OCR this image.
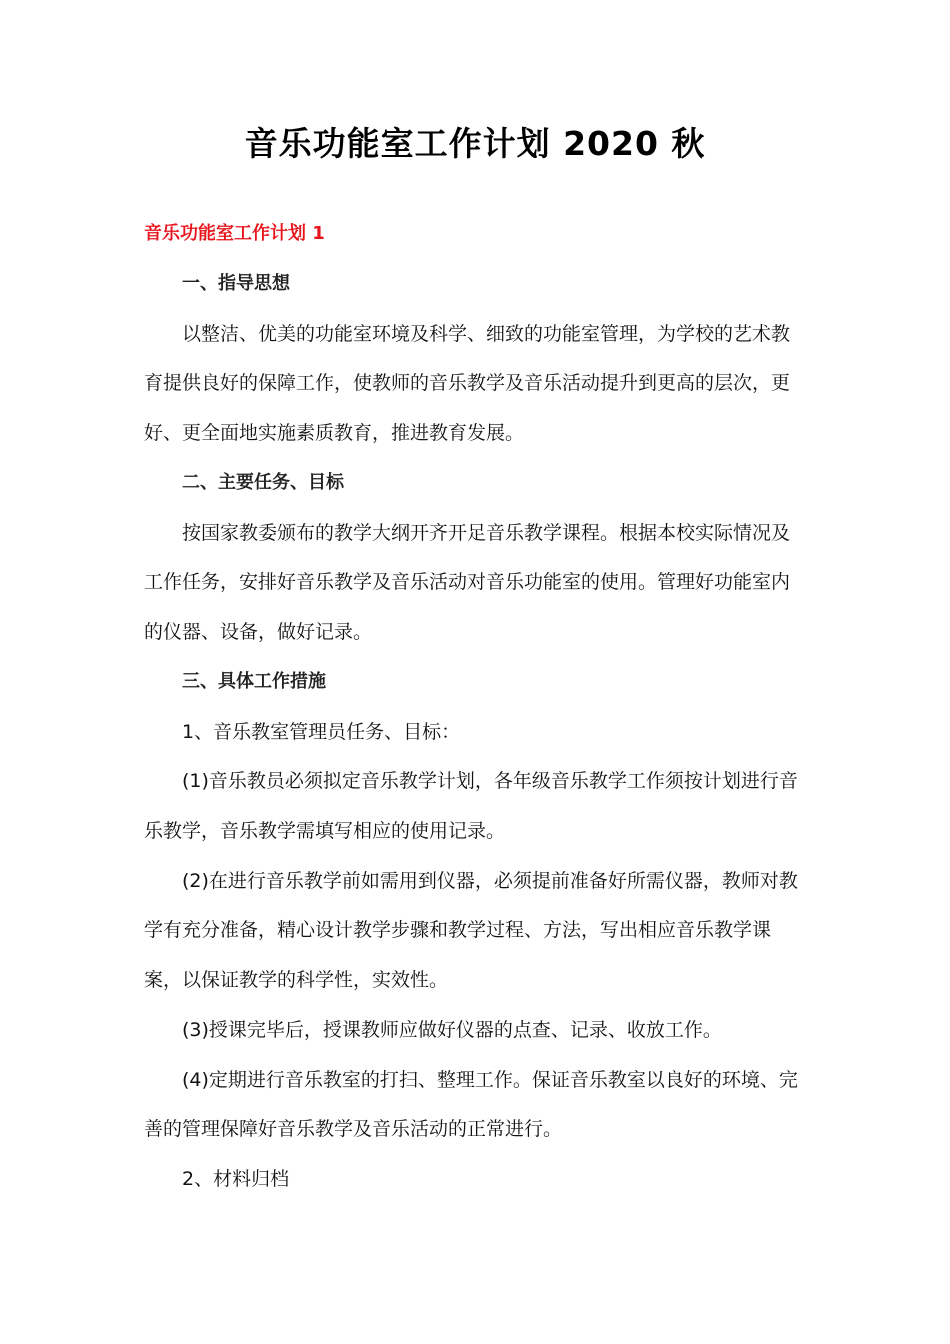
音乐功能室工作计划 2020 秋
音乐功能室工作计划 1
一、指导思想
以整洁、优美的功能室环境及科学、细致的功能室管理，为学校的艺术教
育提供良好的保障工作，使教师的音乐教学及音乐活动提升到更高的层次，更
好、更全面地实施素质教育，推进教育发展。
二、主要任务、目标
按国家教委颁布的教学大纲开齐开足音乐教学课程。根据本校实际情况及
工作任务，安排好音乐教学及音乐活动对音乐功能室的使用。管理好功能室内
的仪器、设备，做好记录。
三、具体工作措施
1、音乐教室管理员任务、目标：
(1)音乐教员必须拟定音乐教学计划，各年级音乐教学工作须按计划进行音
乐教学，音乐教学需填写相应的使用记录。
(2)在进行音乐教学前如需用到仪器，必须提前准备好所需仪器，教师对教
学有充分准备，精心设计教学步骤和教学过程、方法，写出相应音乐教学课
案，以保证教学的科学性，实效性。
(3)授课完毕后，授课教师应做好仪器的点查、记录、收放工作。
(4)定期进行音乐教室的打扫、整理工作。保证音乐教室以良好的环境、完
善的管理保障好音乐教学及音乐活动的正常进行。
2、材料归档
